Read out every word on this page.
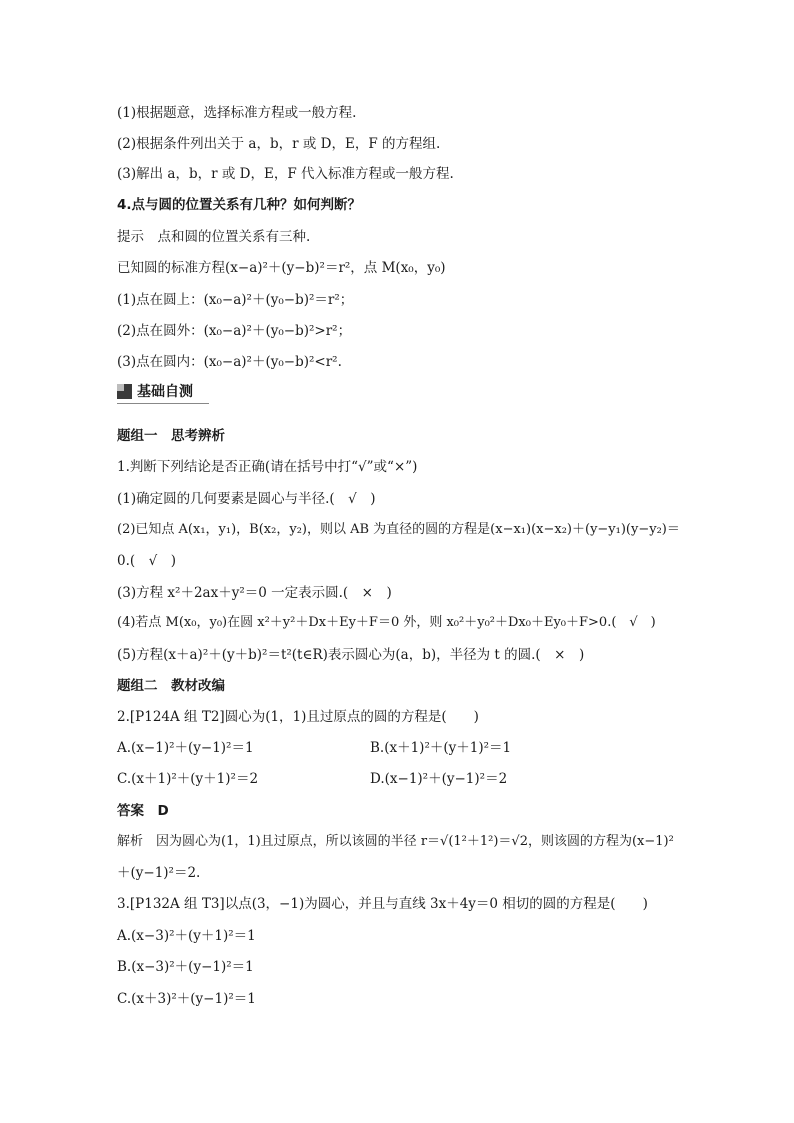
(1)根据题意，选择标准方程或一般方程.
(2)根据条件列出关于 a，b，r 或 D，E，F 的方程组.
(3)解出 a，b，r 或 D，E，F 代入标准方程或一般方程.
4.点与圆的位置关系有几种？如何判断？
提示　点和圆的位置关系有三种.
已知圆的标准方程(x−a)²＋(y−b)²＝r²，点 M(x₀，y₀)
(1)点在圆上：(x₀−a)²＋(y₀−b)²＝r²；
(2)点在圆外：(x₀−a)²＋(y₀−b)²>r²；
(3)点在圆内：(x₀−a)²＋(y₀−b)²<r².
基础自测
题组一　思考辨析
1.判断下列结论是否正确(请在括号中打“√”或“×”)
(1)确定圆的几何要素是圆心与半径.(　√　)
(2)已知点 A(x₁，y₁)，B(x₂，y₂)，则以 AB 为直径的圆的方程是(x−x₁)(x−x₂)＋(y−y₁)(y−y₂)＝
0.(　√　)
(3)方程 x²＋2ax＋y²＝0 一定表示圆.(　×　)
(4)若点 M(x₀，y₀)在圆 x²＋y²＋Dx＋Ey＋F＝0 外，则 x₀²＋y₀²＋Dx₀＋Ey₀＋F>0.(　√　)
(5)方程(x＋a)²＋(y＋b)²＝t²(t∈R)表示圆心为(a，b)，半径为 t 的圆.(　×　)
题组二　教材改编
2.[P124A 组 T2]圆心为(1，1)且过原点的圆的方程是(　　)
A.(x−1)²＋(y−1)²＝1	B.(x＋1)²＋(y＋1)²＝1
C.(x＋1)²＋(y＋1)²＝2	D.(x−1)²＋(y−1)²＝2
答案　D
解析　因为圆心为(1，1)且过原点，所以该圆的半径 r＝√(1²＋1²)＝√2，则该圆的方程为(x−1)²
＋(y−1)²＝2.
3.[P132A 组 T3]以点(3，−1)为圆心，并且与直线 3x＋4y＝0 相切的圆的方程是(　　)
A.(x−3)²＋(y＋1)²＝1
B.(x−3)²＋(y−1)²＝1
C.(x＋3)²＋(y−1)²＝1
